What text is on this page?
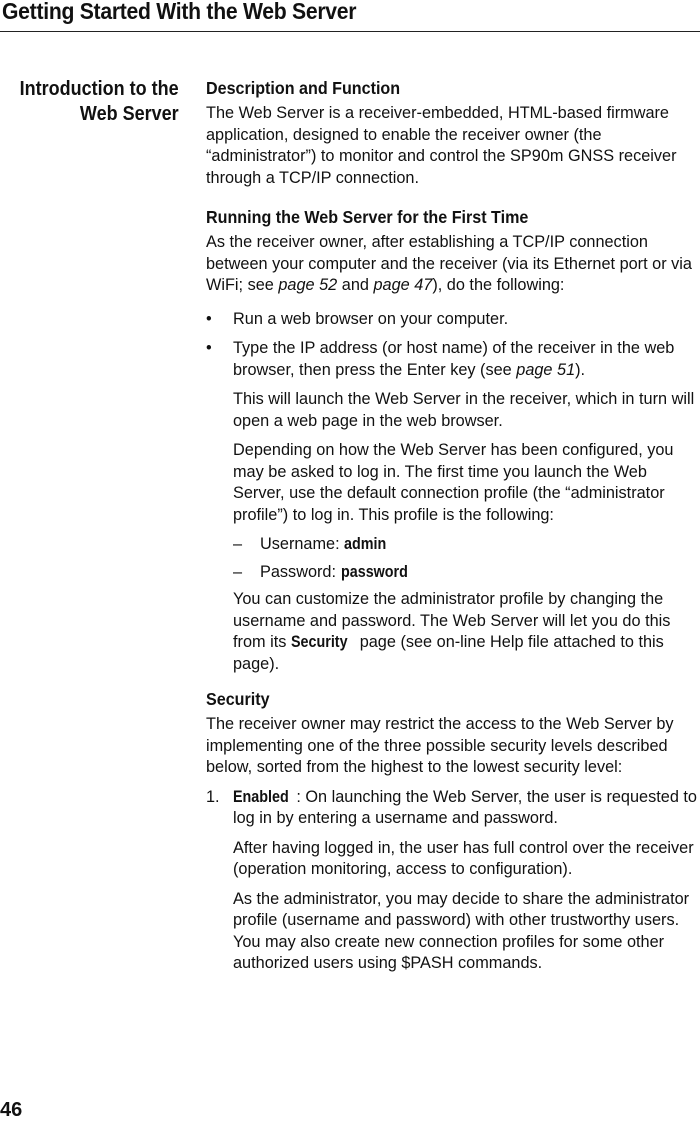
Getting Started With the Web Server
Introduction to the
Web Server
Description and Function

The Web Server is a receiver-embedded, HTML-based firmware application, designed to enable the receiver owner (the “administrator”) to monitor and control the SP90m GNSS receiver through a TCP/IP connection.

Running the Web Server for the First Time

As the receiver owner, after establishing a TCP/IP connection between your computer and the receiver (via its Ethernet port or via WiFi; see page 52 and page 47), do the following:

• Run a web browser on your computer.
• Type the IP address (or host name) of the receiver in the web browser, then press the Enter key (see page 51).

This will launch the Web Server in the receiver, which in turn will open a web page in the web browser.

Depending on how the Web Server has been configured, you may be asked to log in. The first time you launch the Web Server, use the default connection profile (the “administrator profile”) to log in. This profile is the following:

– Username: admin
– Password: password

You can customize the administrator profile by changing the username and password. The Web Server will let you do this from its Security page (see on-line Help file attached to this page).

Security

The receiver owner may restrict the access to the Web Server by implementing one of the three possible security levels described below, sorted from the highest to the lowest security level:

1. Enabled : On launching the Web Server, the user is requested to log in by entering a username and password.

After having logged in, the user has full control over the receiver (operation monitoring, access to configuration).

As the administrator, you may decide to share the administrator profile (username and password) with other trustworthy users. You may also create new connection profiles for some other authorized users using $PASH commands.

46
